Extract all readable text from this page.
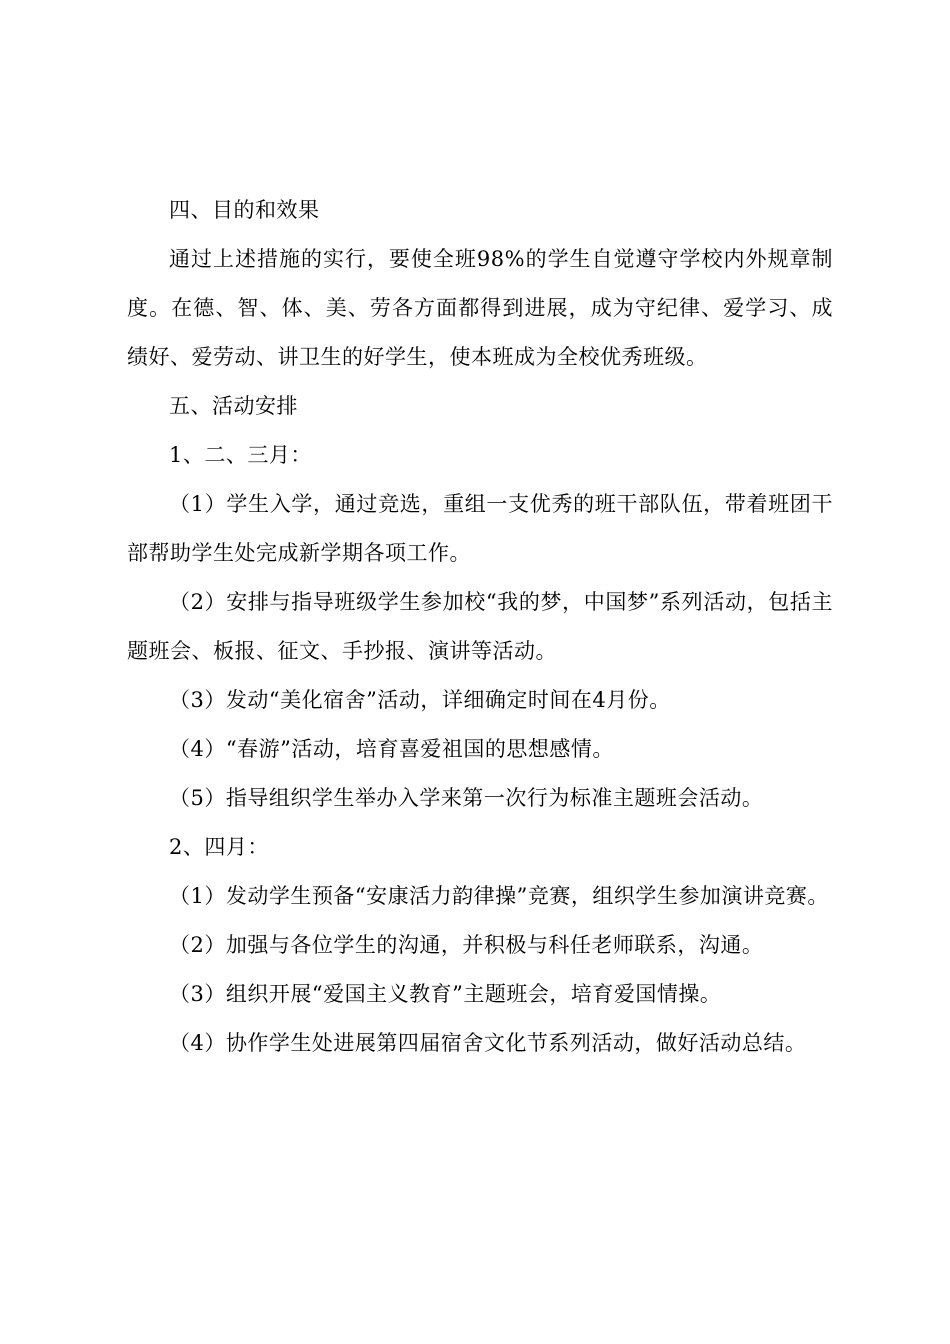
四、目的和效果

通过上述措施的实行，要使全班98%的学生自觉遵守学校内外规章制度。在德、智、体、美、劳各方面都得到进展，成为守纪律、爱学习、成绩好、爱劳动、讲卫生的好学生，使本班成为全校优秀班级。

五、活动安排

1、二、三月：

（1）学生入学，通过竞选，重组一支优秀的班干部队伍，带着班团干部帮助学生处完成新学期各项工作。

（2）安排与指导班级学生参加校“我的梦，中国梦”系列活动，包括主题班会、板报、征文、手抄报、演讲等活动。

（3）发动“美化宿舍”活动，详细确定时间在4月份。

（4）“春游”活动，培育喜爱祖国的思想感情。

（5）指导组织学生举办入学来第一次行为标准主题班会活动。

2、四月：

（1）发动学生预备“安康活力韵律操”竞赛，组织学生参加演讲竞赛。

（2）加强与各位学生的沟通，并积极与科任老师联系，沟通。

（3）组织开展“爱国主义教育”主题班会，培育爱国情操。

（4）协作学生处进展第四届宿舍文化节系列活动，做好活动总结。
